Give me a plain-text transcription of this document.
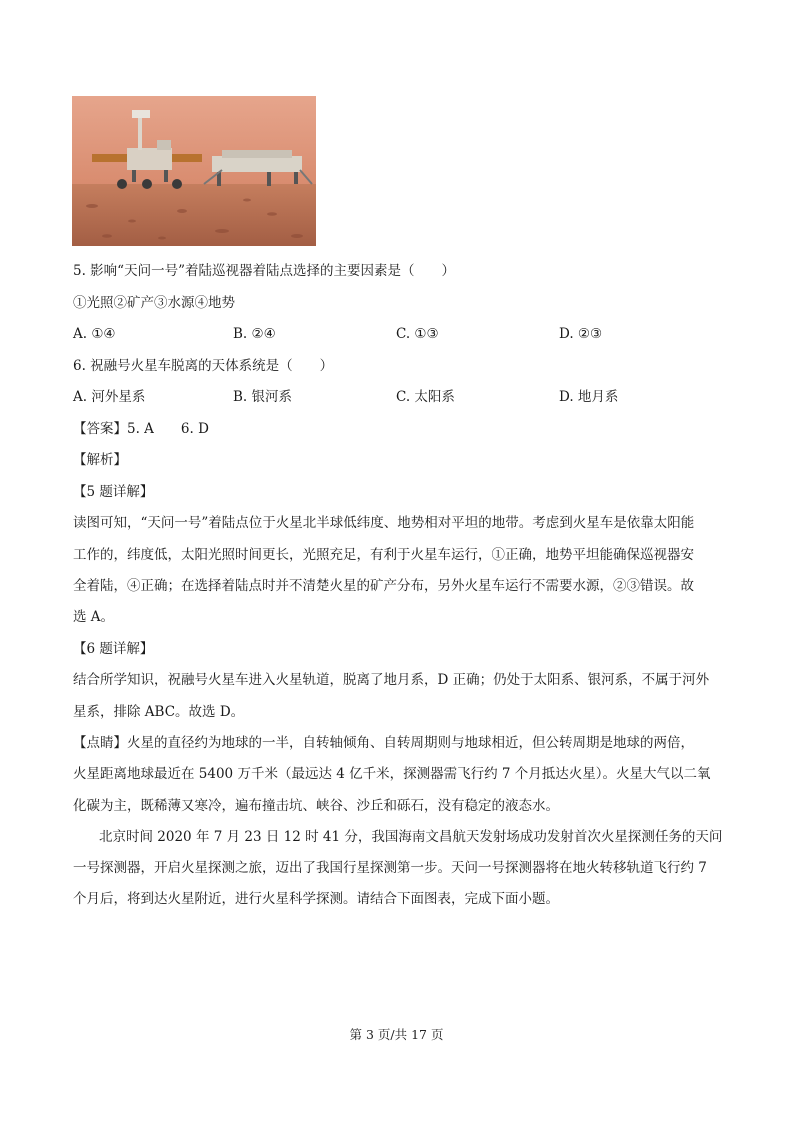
5. 影响“天问一号”着陆巡视器着陆点选择的主要因素是（　　）
①光照②矿产③水源④地势
A. ①④	B. ②④	C. ①③	D. ②③
6. 祝融号火星车脱离的天体系统是（　　）
A. 河外星系	B. 银河系	C. 太阳系	D. 地月系
【答案】5. A　　6. D
【解析】
【5 题详解】
读图可知，“天问一号”着陆点位于火星北半球低纬度、地势相对平坦的地带。考虑到火星车是依靠太阳能
工作的，纬度低，太阳光照时间更长，光照充足，有利于火星车运行，①正确，地势平坦能确保巡视器安
全着陆，④正确；在选择着陆点时并不清楚火星的矿产分布，另外火星车运行不需要水源，②③错误。故
选 A。
【6 题详解】
结合所学知识，祝融号火星车进入火星轨道，脱离了地月系，D 正确；仍处于太阳系、银河系，不属于河外
星系，排除 ABC。故选 D。
【点睛】火星的直径约为地球的一半，自转轴倾角、自转周期则与地球相近，但公转周期是地球的两倍，
火星距离地球最近在 5400 万千米（最远达 4 亿千米，探测器需飞行约 7 个月抵达火星）。火星大气以二氧
化碳为主，既稀薄又寒冷，遍布撞击坑、峡谷、沙丘和砾石，没有稳定的液态水。
北京时间 2020 年 7 月 23 日 12 时 41 分，我国海南文昌航天发射场成功发射首次火星探测任务的天问
一号探测器，开启火星探测之旅，迈出了我国行星探测第一步。天问一号探测器将在地火转移轨道飞行约 7
个月后，将到达火星附近，进行火星科学探测。请结合下面图表，完成下面小题。
第 3 页/共 17 页
